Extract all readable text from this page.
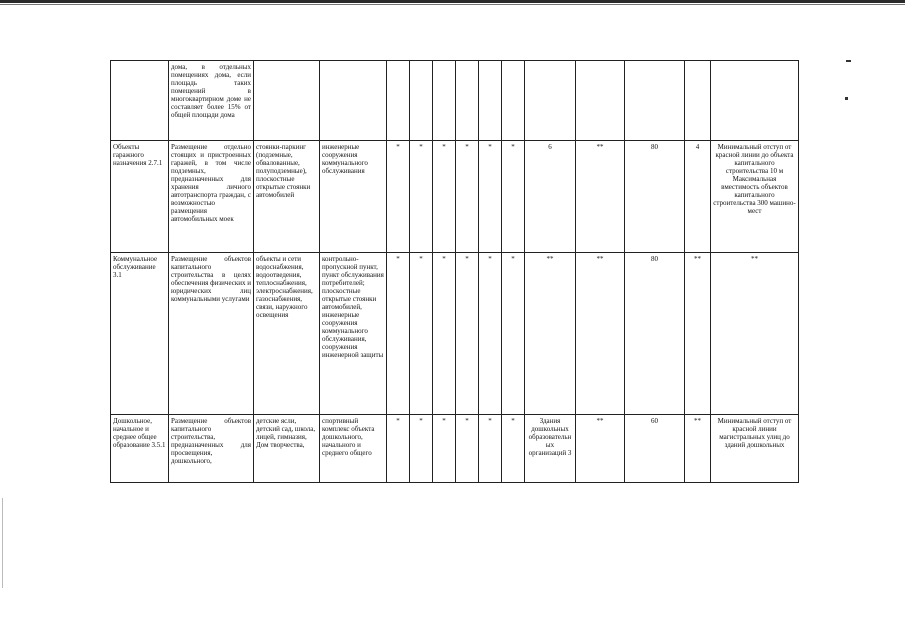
	дома, в отдельных помещениях дома, если площадь таких помещений в многоквартирном доме не составляет более 15% от общей площади дома													
Объекты гаражного назначения 2.7.1	Размещение отдельно стоящих и пристроенных гаражей, в том числе подземных, предназначенных для хранения личного автотранспорта граждан, с возможностью размещения автомобильных моек	стоянки-паркинг (подземные, обвалованные, полуподземные), плоскостные открытые стоянки автомобилей	инженерные сооружения коммунального обслуживания	*	*	*	*	*	*	6	**	80	4	Минимальный отступ от красной линии до объекта капитального строительства 10 м Максимальная вместимость объектов капитального строительства 300 машино-мест
Коммунальное обслуживание 3.1	Размещение объектов капитального строительства в целях обеспечения физических и юридических лиц коммунальными услугами	объекты и сети водоснабжения, водоотведения, теплоснабжения, электроснабжения, газоснабжения, связи, наружного освещения	контрольно-пропускной пункт, пункт обслуживания потребителей; плоскостные открытые стоянки автомобилей, инженерные сооружения коммунального обслуживания, сооружения инженерной защиты	*	*	*	*	*	*	**	**	80	**	**
Дошкольное, начальное и среднее общее образование 3.5.1	Размещение объектов капитального строительства, предназначенных для просвещения, дошкольного,	детские ясли, детский сад, школа, лицей, гимназия, Дом творчества,	спортивный комплекс объекта дошкольного, начального и среднего общего	*	*	*	*	*	*	Здания дошкольных образовательных организаций 3	**	60	**	Минимальный отступ от красной линии магистральных улиц до зданий дошкольных
